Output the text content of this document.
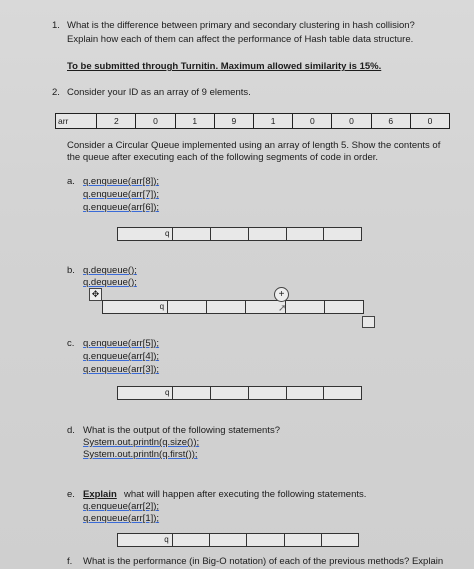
1. What is the difference between primary and secondary clustering in hash collision?
Explain how each of them can affect the performance of Hash table data structure.
To be submitted through Turnitin. Maximum allowed similarity is 15%.
2. Consider your ID as an array of 9 elements.
arr	2	0	1	9	1	0	0	6	0
Consider a Circular Queue implemented using an array of length 5. Show the contents of
the queue after executing each of the following segments of code in order.
a. q.enqueue(arr[8]);
q.enqueue(arr[7]);
q.enqueue(arr[6]);
q
b. q.dequeue();
q.dequeue();
✥
q
+
➚
c. q.enqueue(arr[5]);
q.enqueue(arr[4]);
q.enqueue(arr[3]);
q
d. What is the output of the following statements?
System.out.println(q.size());
System.out.println(q.first());
e. Explain what will happen after executing the following statements.
q.enqueue(arr[2]);
q.enqueue(arr[1]);
q
f. What is the performance (in Big-O notation) of each of the previous methods? Explain
